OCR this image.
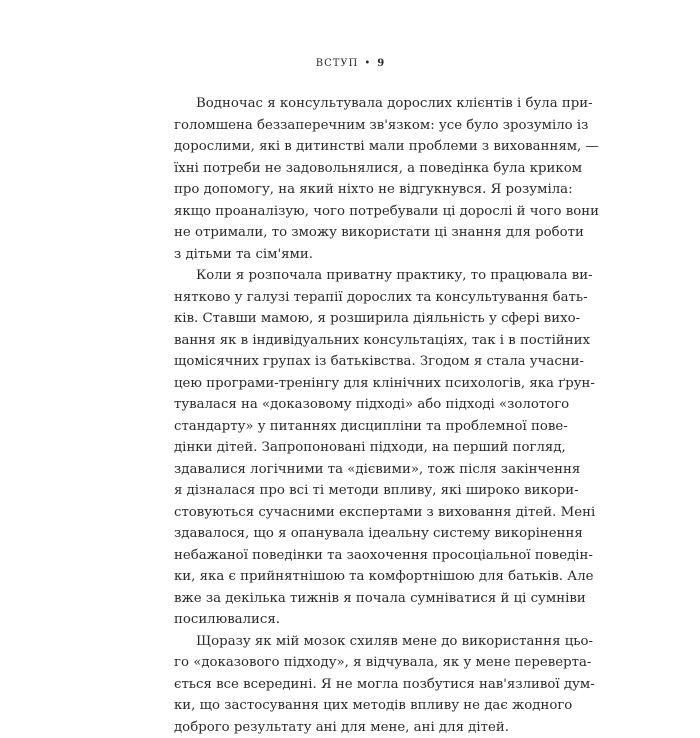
ВСТУП • 9
Водночас я консультувала дорослих клієнтів і була при-
голомшена беззаперечним зв'язком: усе було зрозуміло із
дорослими, які в дитинстві мали проблеми з вихованням, —
їхні потреби не задовольнялися, а поведінка була криком
про допомогу, на який ніхто не відгукнувся. Я розуміла:
якщо проаналізую, чого потребували ці дорослі й чого вони
не отримали, то зможу використати ці знання для роботи
з дітьми та сім'ями.
Коли я розпочала приватну практику, то працювала ви-
нятково у галузі терапії дорослих та консультування бать-
ків. Ставши мамою, я розширила діяльність у сфері вихо-
вання як в індивідуальних консультаціях, так і в постійних
щомісячних групах із батьківства. Згодом я стала учасни-
цею програми-тренінгу для клінічних психологів, яка ґрун-
тувалася на «доказовому підході» або підході «золотого
стандарту» у питаннях дисципліни та проблемної пове-
дінки дітей. Запропоновані підходи, на перший погляд,
здавалися логічними та «дієвими», тож після закінчення
я дізналася про всі ті методи впливу, які широко викори-
стовуються сучасними експертами з виховання дітей. Мені
здавалося, що я опанувала ідеальну систему викорінення
небажаної поведінки та заохочення просоціальної поведін-
ки, яка є прийнятнішою та комфортнішою для батьків. Але
вже за декілька тижнів я почала сумніватися й ці сумніви
посилювалися.
Щоразу як мій мозок схиляв мене до використання цьо-
го «доказового підходу», я відчувала, як у мене переверта-
ється все всередині. Я не могла позбутися нав'язливої дум-
ки, що застосування цих методів впливу не дає жодного
доброго результату ані для мене, ані для дітей.
